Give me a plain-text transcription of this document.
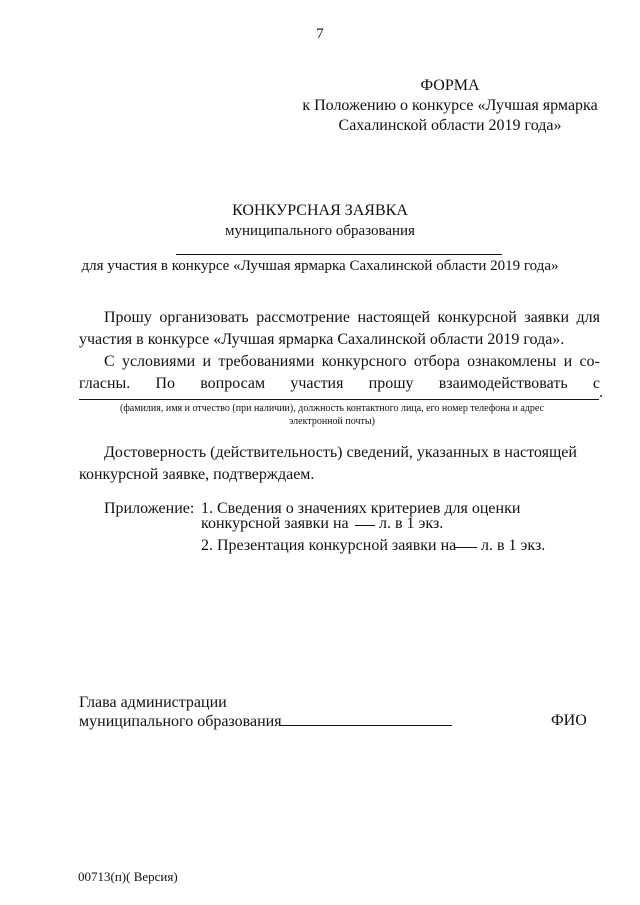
7
ФОРМА
к Положению о конкурсе «Лучшая ярмарка
Сахалинской области 2019 года»
КОНКУРСНАЯ ЗАЯВКА
муниципального образования
для участия в конкурсе «Лучшая ярмарка Сахалинской области 2019 года»
Прошу организовать рассмотрение настоящей конкурсной заявки для
участия в конкурсе «Лучшая ярмарка Сахалинской области 2019 года».
С условиями и требованиями конкурсного отбора ознакомлены и со-
гласны. По вопросам участия прошу взаимодействовать с
.
(фамилия, имя и отчество (при наличии), должность контактного лица, его номер телефона и адрес электронной почты)
Достоверность (действительность) сведений, указанных в настоящей
конкурсной заявке, подтверждаем.
Приложение: 1. Сведения о значениях критериев для оценки
конкурсной заявки на л. в 1 экз.
2. Презентация конкурсной заявки на л. в 1 экз.
Глава администрации
муниципального образования	ФИО
00713(п)( Версия)
